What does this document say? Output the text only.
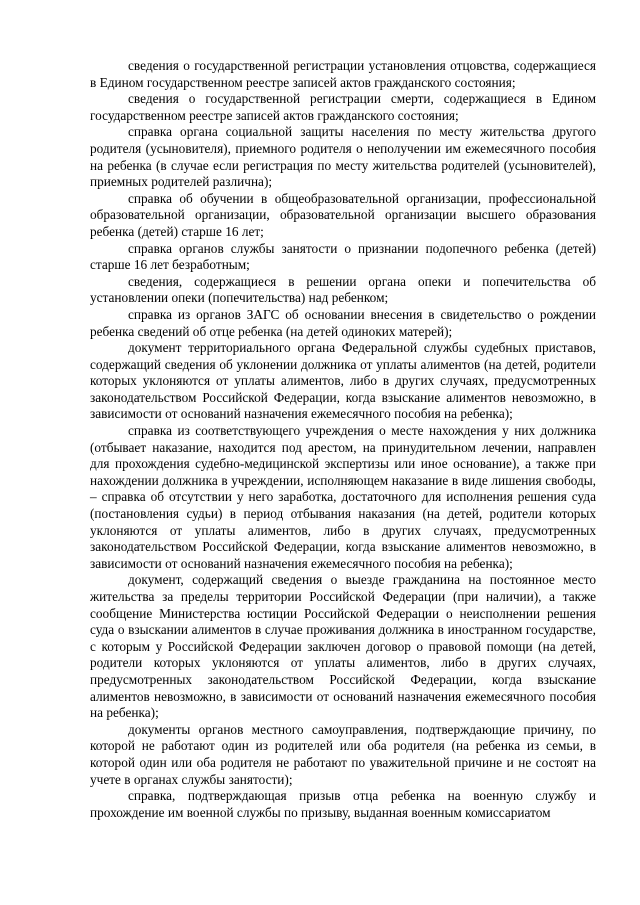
сведения о государственной регистрации установления отцовства, содержащиеся в Едином государственном реестре записей актов гражданского состояния;

сведения о государственной регистрации смерти, содержащиеся в Едином государственном реестре записей актов гражданского состояния;

справка органа социальной защиты населения по месту жительства другого родителя (усыновителя), приемного родителя о неполучении им ежемесячного пособия на ребенка (в случае если регистрация по месту жительства родителей (усыновителей), приемных родителей различна);

справка об обучении в общеобразовательной организации, профессиональной образовательной организации, образовательной организации высшего образования ребенка (детей) старше 16 лет;

справка органов службы занятости о признании подопечного ребенка (детей) старше 16 лет безработным;

сведения, содержащиеся в решении органа опеки и попечительства об установлении опеки (попечительства) над ребенком;

справка из органов ЗАГС об основании внесения в свидетельство о рождении ребенка сведений об отце ребенка (на детей одиноких матерей);

документ территориального органа Федеральной службы судебных приставов, содержащий сведения об уклонении должника от уплаты алиментов (на детей, родители которых уклоняются от уплаты алиментов, либо в других случаях, предусмотренных законодательством Российской Федерации, когда взыскание алиментов невозможно, в зависимости от оснований назначения ежемесячного пособия на ребенка);

справка из соответствующего учреждения о месте нахождения у них должника (отбывает наказание, находится под арестом, на принудительном лечении, направлен для прохождения судебно-медицинской экспертизы или иное основание), а также при нахождении должника в учреждении, исполняющем наказание в виде лишения свободы, – справка об отсутствии у него заработка, достаточного для исполнения решения суда (постановления судьи) в период отбывания наказания (на детей, родители которых уклоняются от уплаты алиментов, либо в других случаях, предусмотренных законодательством Российской Федерации, когда взыскание алиментов невозможно, в зависимости от оснований назначения ежемесячного пособия на ребенка);

документ, содержащий сведения о выезде гражданина на постоянное место жительства за пределы территории Российской Федерации (при наличии), а также сообщение Министерства юстиции Российской Федерации о неисполнении решения суда о взыскании алиментов в случае проживания должника в иностранном государстве, с которым у Российской Федерации заключен договор о правовой помощи (на детей, родители которых уклоняются от уплаты алиментов, либо в других случаях, предусмотренных законодательством Российской Федерации, когда взыскание алиментов невозможно, в зависимости от оснований назначения ежемесячного пособия на ребенка);

документы органов местного самоуправления, подтверждающие причину, по которой не работают один из родителей или оба родителя (на ребенка из семьи, в которой один или оба родителя не работают по уважительной причине и не состоят на учете в органах службы занятости);

справка, подтверждающая призыв отца ребенка на военную службу и прохождение им военной службы по призыву, выданная военным комиссариатом
